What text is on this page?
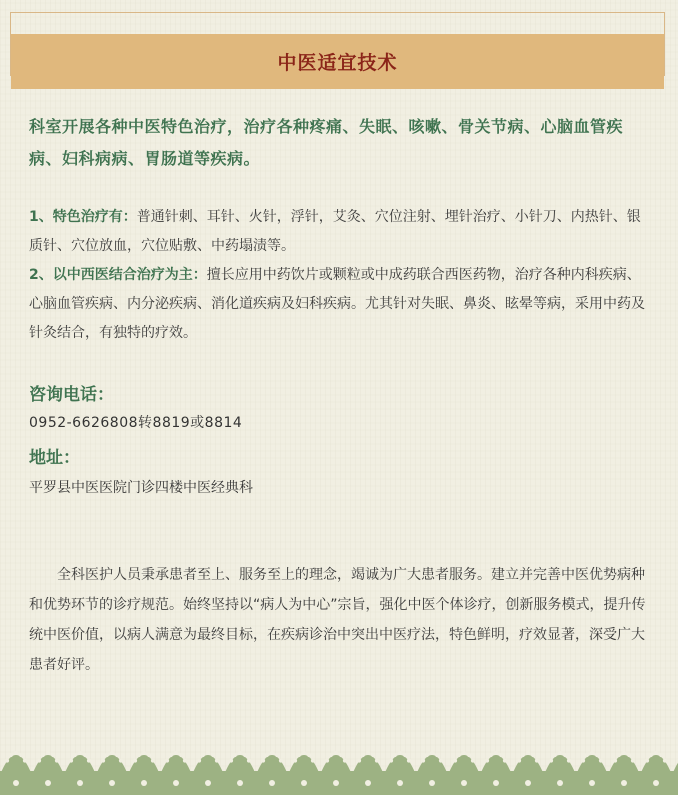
中医适宜技术
科室开展各种中医特色治疗，治疗各种疼痛、失眠、咳嗽、骨关节病、心脑血管疾病、妇科病病、胃肠道等疾病。

1、特色治疗有：普通针刺、耳针、火针，浮针，艾灸、穴位注射、埋针治疗、小针刀、内热针、银质针、穴位放血，穴位贴敷、中药塌渍等。

2、以中西医结合治疗为主：擅长应用中药饮片或颗粒或中成药联合西医药物，治疗各种内科疾病、心脑血管疾病、内分泌疾病、消化道疾病及妇科疾病。尤其针对失眠、鼻炎、眩晕等病，采用中药及针灸结合，有独特的疗效。

咨询电话：
0952-6626808转8819或8814
地址：
平罗县中医医院门诊四楼中医经典科
全科医护人员秉承患者至上、服务至上的理念，竭诚为广大患者服务。建立并完善中医优势病种和优势环节的诊疗规范。始终坚持以“病人为中心”宗旨，强化中医个体诊疗，创新服务模式，提升传统中医价值，以病人满意为最终目标，在疾病诊治中突出中医疗法，特色鲜明，疗效显著，深受广大患者好评。
